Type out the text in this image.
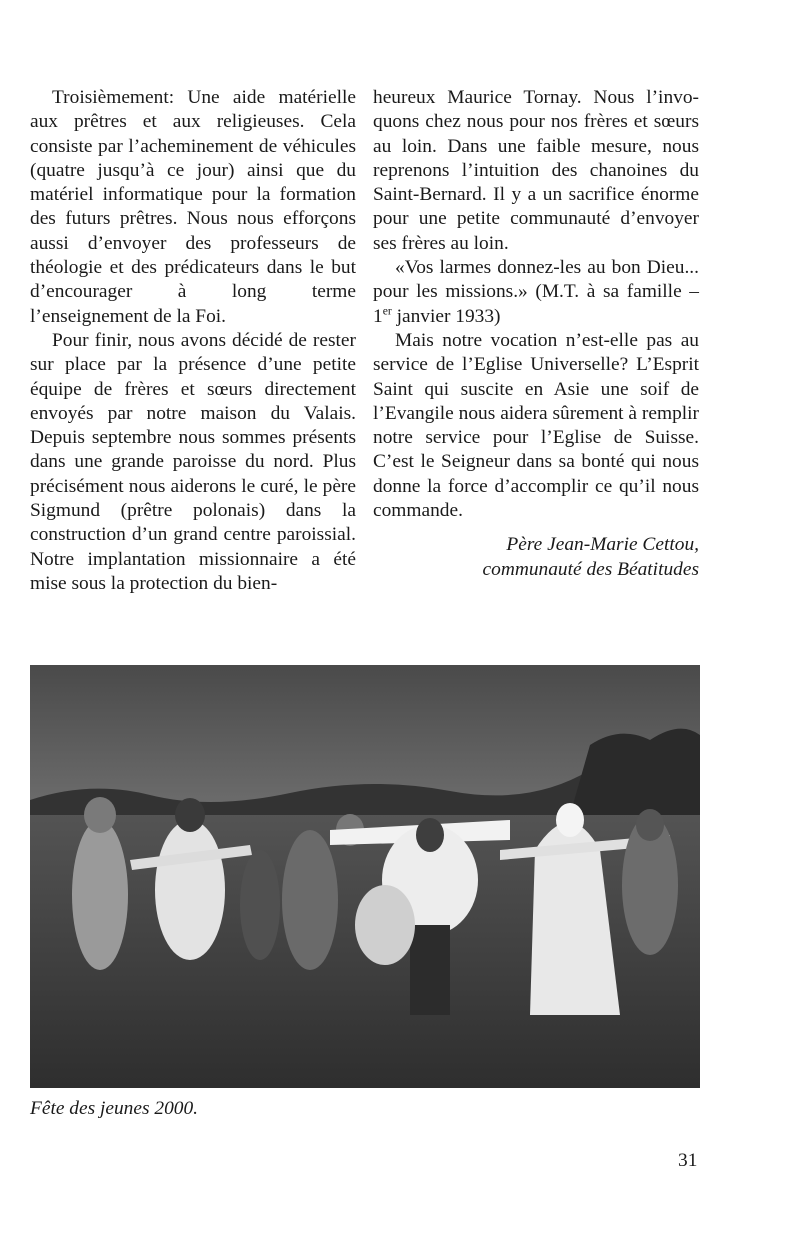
Troisièmement: Une aide matérielle aux prêtres et aux religieuses. Cela consiste par l’acheminement de véhicules (quatre jusqu’à ce jour) ainsi que du matériel informatique pour la formation des futurs prêtres. Nous nous efforçons aussi d’envoyer des professeurs de théologie et des prédicateurs dans le but d’encourager à long terme l’enseignement de la Foi.

Pour finir, nous avons décidé de rester sur place par la présence d’une petite équipe de frères et sœurs directement envoyés par notre maison du Valais. Depuis septembre nous sommes présents dans une grande paroisse du nord. Plus précisément nous aiderons le curé, le père Sigmund (prêtre polonais) dans la construction d’un grand centre paroissial. Notre implantation missionnaire a été mise sous la protection du bien-

heureux Maurice Tornay. Nous l’invoquons chez nous pour nos frères et sœurs au loin. Dans une faible mesure, nous reprenons l’intuition des chanoines du Saint-Bernard. Il y a un sacrifice énorme pour une petite communauté d’envoyer ses frères au loin.

«Vos larmes donnez-les au bon Dieu... pour les missions.» (M.T. à sa famille – 1er janvier 1933)

Mais notre vocation n’est-elle pas au service de l’Eglise Universelle? L’Esprit Saint qui suscite en Asie une soif de l’Evangile nous aidera sûrement à remplir notre service pour l’Eglise de Suisse. C’est le Seigneur dans sa bonté qui nous donne la force d’accomplir ce qu’il nous commande.

Père Jean-Marie Cettou,
communauté des Béatitudes
Fête des jeunes 2000.
31
